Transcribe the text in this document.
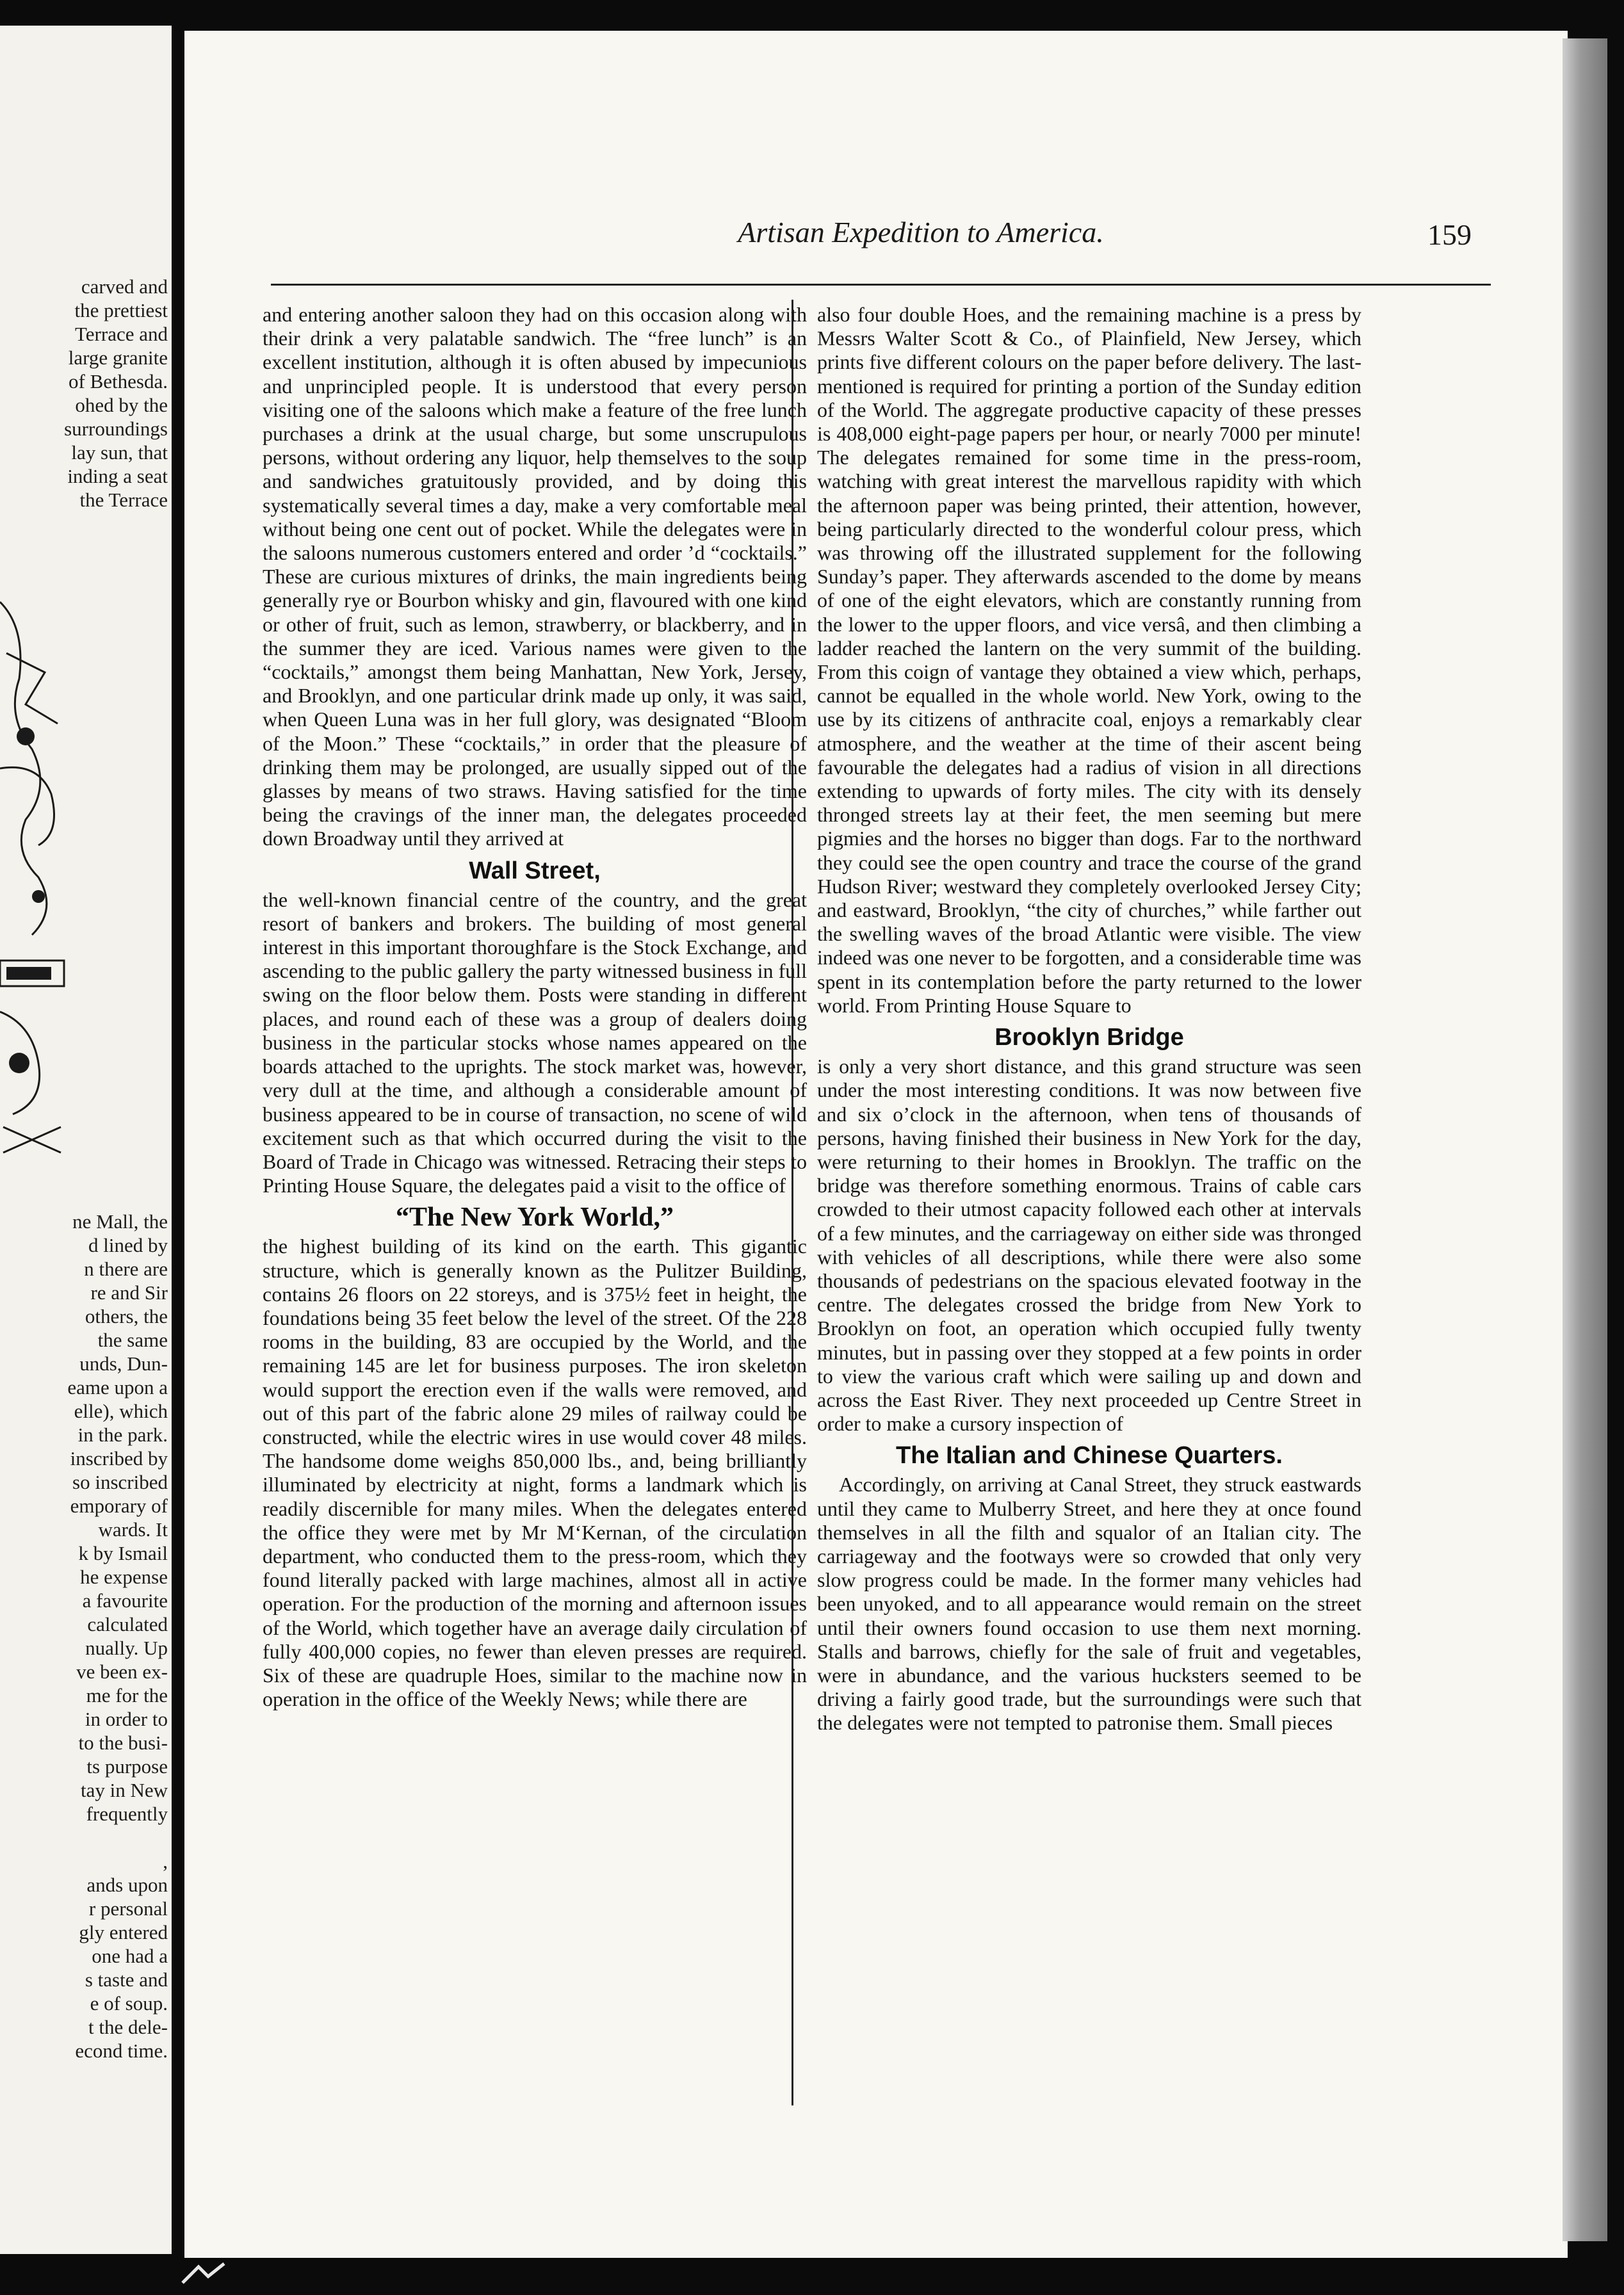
carved and
the prettiest
Terrace and
large granite
of Bethesda.
ohed by the
surroundings
lay sun, that
inding a seat
the Terrace
ne Mall, the
d lined by
n there are
re and Sir
others, the
the same
unds, Dun-
eame upon a
elle), which
in the park.
inscribed by
so inscribed
emporary of
wards. It
k by Ismail
he expense
a favourite
calculated
nually. Up
ve been ex-
me for the
in order to
to the busi-
ts purpose
tay in New
frequently
,
ands upon
r personal
gly entered
one had a
s taste and
e of soup.
t the dele-
econd time.
Artisan Expedition to America.	159

and entering another saloon they had on this occasion along with their drink a very palatable sandwich. The “free lunch” is an excellent institution, although it is often abused by impecunious and unprincipled people. It is understood that every person visiting one of the saloons which make a feature of the free lunch purchases a drink at the usual charge, but some unscrupulous persons, without ordering any liquor, help themselves to the soup and sandwiches gratuitously provided, and by doing this systematically several times a day, make a very comfortable meal without being one cent out of pocket. While the delegates were in the saloons numerous customers entered and order ’d “cocktails.” These are curious mixtures of drinks, the main ingredients being generally rye or Bourbon whisky and gin, flavoured with one kind or other of fruit, such as lemon, strawberry, or blackberry, and in the summer they are iced. Various names were given to the “cocktails,” amongst them being Manhattan, New York, Jersey, and Brooklyn, and one particular drink made up only, it was said, when Queen Luna was in her full glory, was designated “Bloom of the Moon.” These “cocktails,” in order that the pleasure of drinking them may be prolonged, are usually sipped out of the glasses by means of two straws. Having satisfied for the time being the cravings of the inner man, the delegates proceeded down Broadway until they arrived at

Wall Street,

the well-known financial centre of the country, and the great resort of bankers and brokers. The building of most general interest in this important thoroughfare is the Stock Exchange, and ascending to the public gallery the party witnessed business in full swing on the floor below them. Posts were standing in different places, and round each of these was a group of dealers doing business in the particular stocks whose names appeared on the boards attached to the uprights. The stock market was, however, very dull at the time, and although a considerable amount of business appeared to be in course of transaction, no scene of wild excitement such as that which occurred during the visit to the Board of Trade in Chicago was witnessed. Retracing their steps to Printing House Square, the delegates paid a visit to the office of

“The New York World,”

the highest building of its kind on the earth. This gigantic structure, which is generally known as the Pulitzer Building, contains 26 floors on 22 storeys, and is 375½ feet in height, the foundations being 35 feet below the level of the street. Of the 228 rooms in the building, 83 are occupied by the World, and the remaining 145 are let for business purposes. The iron skeleton would support the erection even if the walls were removed, and out of this part of the fabric alone 29 miles of railway could be constructed, while the electric wires in use would cover 48 miles. The handsome dome weighs 850,000 lbs., and, being brilliantly illuminated by electricity at night, forms a landmark which is readily discernible for many miles. When the delegates entered the office they were met by Mr M‘Kernan, of the circulation department, who conducted them to the press-room, which they found literally packed with large machines, almost all in active operation. For the production of the morning and afternoon issues of the World, which together have an average daily circulation of fully 400,000 copies, no fewer than eleven presses are required. Six of these are quadruple Hoes, similar to the machine now in operation in the office of the Weekly News; while there are

also four double Hoes, and the remaining machine is a press by Messrs Walter Scott & Co., of Plainfield, New Jersey, which prints five different colours on the paper before delivery. The last-mentioned is required for printing a portion of the Sunday edition of the World. The aggregate productive capacity of these presses is 408,000 eight-page papers per hour, or nearly 7000 per minute! The delegates remained for some time in the press-room, watching with great interest the marvellous rapidity with which the afternoon paper was being printed, their attention, however, being particularly directed to the wonderful colour press, which was throwing off the illustrated supplement for the following Sunday’s paper. They afterwards ascended to the dome by means of one of the eight elevators, which are constantly running from the lower to the upper floors, and vice versâ, and then climbing a ladder reached the lantern on the very summit of the building. From this coign of vantage they obtained a view which, perhaps, cannot be equalled in the whole world. New York, owing to the use by its citizens of anthracite coal, enjoys a remarkably clear atmosphere, and the weather at the time of their ascent being favourable the delegates had a radius of vision in all directions extending to upwards of forty miles. The city with its densely thronged streets lay at their feet, the men seeming but mere pigmies and the horses no bigger than dogs. Far to the northward they could see the open country and trace the course of the grand Hudson River; westward they completely overlooked Jersey City; and eastward, Brooklyn, “the city of churches,” while farther out the swelling waves of the broad Atlantic were visible. The view indeed was one never to be forgotten, and a considerable time was spent in its contemplation before the party returned to the lower world. From Printing House Square to

Brooklyn Bridge

is only a very short distance, and this grand structure was seen under the most interesting conditions. It was now between five and six o’clock in the afternoon, when tens of thousands of persons, having finished their business in New York for the day, were returning to their homes in Brooklyn. The traffic on the bridge was therefore something enormous. Trains of cable cars crowded to their utmost capacity followed each other at intervals of a few minutes, and the carriageway on either side was thronged with vehicles of all descriptions, while there were also some thousands of pedestrians on the spacious elevated footway in the centre. The delegates crossed the bridge from New York to Brooklyn on foot, an operation which occupied fully twenty minutes, but in passing over they stopped at a few points in order to view the various craft which were sailing up and down and across the East River. They next proceeded up Centre Street in order to make a cursory inspection of

The Italian and Chinese Quarters.

Accordingly, on arriving at Canal Street, they struck eastwards until they came to Mulberry Street, and here they at once found themselves in all the filth and squalor of an Italian city. The carriageway and the footways were so crowded that only very slow progress could be made. In the former many vehicles had been unyoked, and to all appearance would remain on the street until their owners found occasion to use them next morning. Stalls and barrows, chiefly for the sale of fruit and vegetables, were in abundance, and the various hucksters seemed to be driving a fairly good trade, but the surroundings were such that the delegates were not tempted to patronise them. Small pieces
